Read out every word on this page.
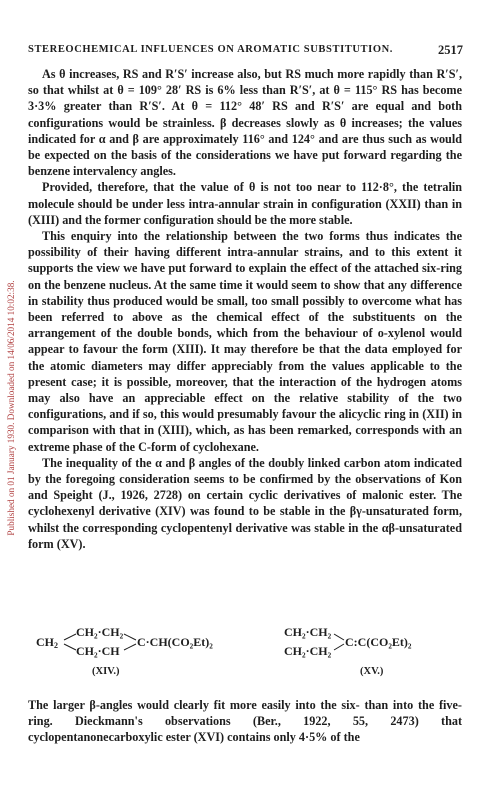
STEREOCHEMICAL INFLUENCES ON AROMATIC SUBSTITUTION.	2517
Published on 01 January 1930. Downloaded on 14/06/2014 10:02:38.

As θ increases, RS and R′S′ increase also, but RS much more rapidly than R′S′, so that whilst at θ = 109° 28′ RS is 6% less than R′S′, at θ = 115° RS has become 3·3% greater than R′S′. At θ = 112° 48′ RS and R′S′ are equal and both configurations would be strainless. β decreases slowly as θ increases; the values indicated for α and β are approximately 116° and 124° and are thus such as would be expected on the basis of the considerations we have put forward regarding the benzene intervalency angles.

Provided, therefore, that the value of θ is not too near to 112·8°, the tetralin molecule should be under less intra-annular strain in configuration (XXII) than in (XIII) and the former configuration should be the more stable.

This enquiry into the relationship between the two forms thus indicates the possibility of their having different intra-annular strains, and to this extent it supports the view we have put forward to explain the effect of the attached six-ring on the benzene nucleus. At the same time it would seem to show that any difference in stability thus produced would be small, too small possibly to overcome what has been referred to above as the chemical effect of the substituents on the arrangement of the double bonds, which from the behaviour of o-xylenol would appear to favour the form (XIII). It may therefore be that the data employed for the atomic diameters may differ appreciably from the values applicable to the present case; it is possible, moreover, that the interaction of the hydrogen atoms may also have an appreciable effect on the relative stability of the two configurations, and if so, this would presumably favour the alicyclic ring in (XII) in comparison with that in (XIII), which, as has been remarked, corresponds with an extreme phase of the C-form of cyclohexane.

The inequality of the α and β angles of the doubly linked carbon atom indicated by the foregoing consideration seems to be confirmed by the observations of Kon and Speight (J., 1926, 2728) on certain cyclic derivatives of malonic ester. The cyclohexenyl derivative (XIV) was found to be stable in the βγ-unsaturated form, whilst the corresponding cyclopentenyl derivative was stable in the αβ-unsaturated form (XV).

$CH_2$
CH₂·CH₂
CH₂·CH
C·CH(CO₂Et)₂
(XIV.)
CH₂·CH₂
CH₂·CH₂
C:C(CO₂Et)₂
(XV.)

The larger β-angles would clearly fit more easily into the six- than into the five-ring. Dieckmann's observations (Ber., 1922, 55, 2473) that cyclopentanonecarboxylic ester (XVI) contains only 4·5% of the
